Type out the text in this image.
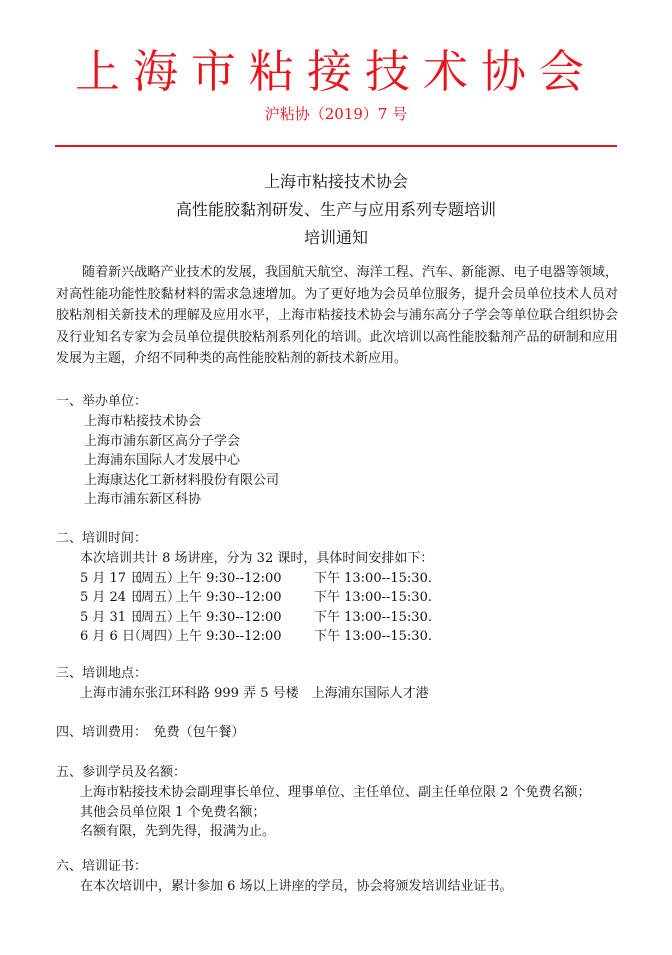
上海市粘接技术协会
沪粘协（2019）7 号
上海市粘接技术协会
高性能胶黏剂研发、生产与应用系列专题培训
培训通知
随着新兴战略产业技术的发展，我国航天航空、海洋工程、汽车、新能源、电子电器等领域，对高性能功能性胶黏材料的需求急速增加。为了更好地为会员单位服务，提升会员单位技术人员对胶粘剂相关新技术的理解及应用水平，上海市粘接技术协会与浦东高分子学会等单位联合组织协会及行业知名专家为会员单位提供胶粘剂系列化的培训。此次培训以高性能胶黏剂产品的研制和应用发展为主题，介绍不同种类的高性能胶粘剂的新技术新应用。
一、举办单位：
上海市粘接技术协会
上海市浦东新区高分子学会
上海浦东国际人才发展中心
上海康达化工新材料股份有限公司
上海市浦东新区科协
二、培训时间：
本次培训共计 8 场讲座，分为 32 课时，具体时间安排如下：
5 月 17 日（周五）上午 9:30--12:00 下午 13:00--15:30.
5 月 24 日（周五）上午 9:30--12:00 下午 13:00--15:30.
5 月 31 日（周五）上午 9:30--12:00 下午 13:00--15:30.
6 月 6 日（周四）上午 9:30--12:00 下午 13:00--15:30.
三、培训地点：
上海市浦东张江环科路 999 弄 5 号楼　上海浦东国际人才港
四、培训费用：　免费（包午餐）
五、参训学员及名额：
上海市粘接技术协会副理事长单位、理事单位、主任单位、副主任单位限 2 个免费名额；
其他会员单位限 1 个免费名额；
名额有限，先到先得，报满为止。
六、培训证书：
在本次培训中，累计参加 6 场以上讲座的学员，协会将颁发培训结业证书。
